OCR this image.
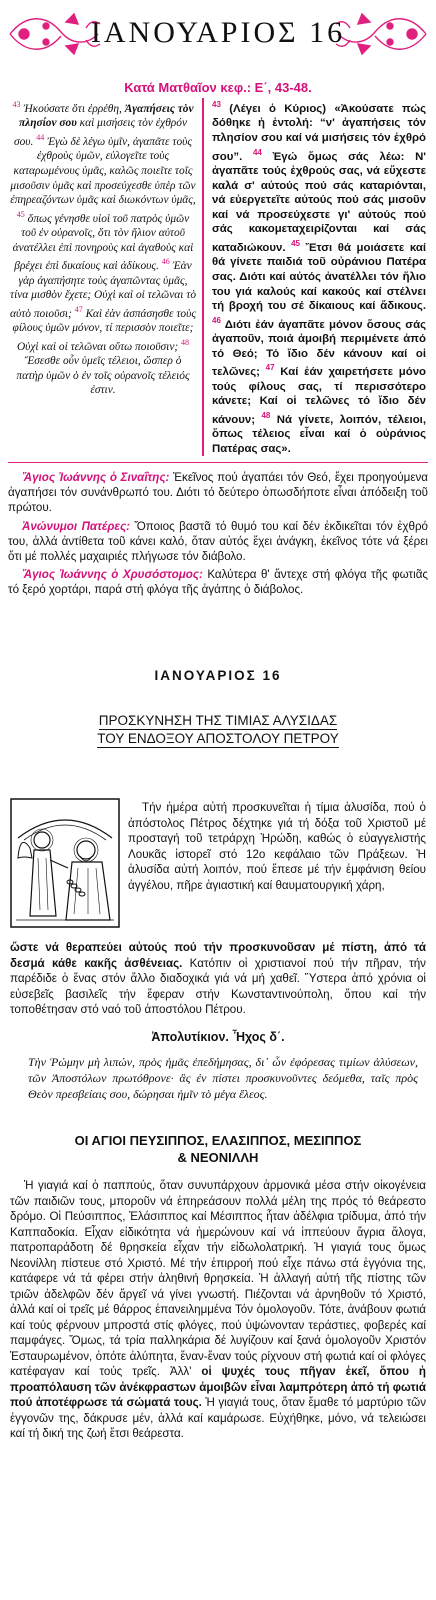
ΙΑΝΟΥΑΡΙΟΣ 16
Κατά Ματθαῖον κεφ.: Ε΄, 43-48.

$^{43}$ Ἠκούσατε ὅτι ἐρρέθη, Ἀγαπήσεις τὸν πλησίον σου καὶ μισήσεις τὸν ἐχθρόν σου. $^{44}$ Ἐγὼ δὲ λέγω ὑμῖν, ἀγαπᾶτε τοὺς ἐχθροὺς ὑμῶν, εὐλογεῖτε τοὺς καταρωμένους ὑμᾶς, καλῶς ποιεῖτε τοῖς μισοῦσιν ὑμᾶς καὶ προσεύχεσθε ὑπὲρ τῶν ἐπηρεαζόντων ὑμᾶς καὶ διωκόντων ὑμᾶς, $^{45}$ ὅπως γένησθε υἱοὶ τοῦ πατρὸς ὑμῶν τοῦ ἐν οὐρανοῖς, ὅτι τὸν ἥλιον αὐτοῦ ἀνατέλλει ἐπὶ πονηροὺς καὶ ἀγαθοὺς καὶ βρέχει ἐπὶ δικαίους καὶ ἀδίκους. $^{46}$ Ἐὰν γὰρ ἀγαπήσητε τοὺς ἀγαπῶντας ὑμᾶς, τίνα μισθὸν ἔχετε; Οὐχὶ καὶ οἱ τελῶναι τὸ αὐτὸ ποιοῦσι; $^{47}$ Καὶ ἐὰν ἀσπάσησθε τοὺς φίλους ὑμῶν μόνον, τί περισσὸν ποιεῖτε; Οὐχὶ καὶ οἱ τελῶναι οὕτω ποιοῦσιν; $^{48}$ Ἔσεσθε οὖν ὑμεῖς τέλειοι, ὥσπερ ὁ πατὴρ ὑμῶν ὁ ἐν τοῖς οὐρανοῖς τέλειός ἐστιν.

$^{43}$ (Λέγει ὁ Κύριος) «Ἀκούσατε πώς δόθηκε ἡ ἐντολή: “ν' ἀγαπήσεις τόν πλησίον σου καί νά μισήσεις τόν ἐχθρό σου”. $^{44}$ Ἐγώ ὅμως σάς λέω: Ν' ἀγαπᾶτε τούς ἐχθρούς σας, νά εὔχεστε καλά σ' αὐτούς πού σάς καταριόνται, νά εὐεργετεῖτε αὐτούς πού σάς μισοῦν καί νά προσεύχεστε γι' αὐτούς πού σάς κακομεταχειρίζονται καί σάς καταδιώκουν. $^{45}$ Ἔτσι θά μοιάσετε καί θά γίνετε παιδιά τοῦ οὐράνιου Πατέρα σας. Διότι καί αὐτός ἀνατέλλει τόν ἥλιο του γιά καλούς καί κακούς καί στέλνει τή βροχή του σέ δίκαιους καί ἄδικους. $^{46}$ Διότι ἐάν ἀγαπᾶτε μόνον ὅσους σάς ἀγαποῦν, ποιά ἀμοιβή περιμένετε ἀπό τό Θεό; Τό ἴδιο δέν κάνουν καί οἱ τελῶνες; $^{47}$ Καί ἐάν χαιρετήσετε μόνο τούς φίλους σας, τί περισσότερο κάνετε; Καί οἱ τελῶνες τό ἴδιο δέν κάνουν; $^{48}$ Νά γίνετε, λοιπόν, τέλειοι, ὅπως τέλειος εἶναι καί ὁ οὐράνιος Πατέρας σας».

Ἅγιος Ἰωάννης ὁ Σιναΐτης: Ἐκεῖνος πού ἀγαπάει τόν Θεό, ἔχει προηγούμενα ἀγαπήσει τόν συνάνθρωπό του. Διότι τό δεύτερο ὁπωσδήποτε εἶναι ἀπόδειξη τοῦ πρώτου.

Ἀνώνυμοι Πατέρες: Ὅποιος βαστᾶ τό θυμό του καί δέν ἐκδικεῖται τόν ἐχθρό του, ἀλλά ἀντίθετα τοῦ κάνει καλό, ὅταν αὐτός ἔχει ἀνάγκη, ἐκεῖνος τότε νά ξέρει ὅτι μέ πολλές μαχαιριές πλήγωσε τόν διάβολο.

Ἅγιος Ἰωάννης ὁ Χρυσόστομος: Καλύτερα θ' ἄντεχε στή φλόγα τῆς φωτιᾶς τό ξερό χορτάρι, παρά στή φλόγα τῆς ἀγάπης ὁ διάβολος.

ΙΑΝΟΥΑΡΙΟΣ 16
ΠΡΟΣΚΥΝΗΣΗ ΤΗΣ ΤΙΜΙΑΣ ΑΛΥΣΙΔΑΣ
ΤΟΥ ΕΝΔΟΞΟΥ ΑΠΟΣΤΟΛΟΥ ΠΕΤΡΟΥ

Τήν ἡμέρα αὐτή προσκυνεῖται ἡ τίμια ἁλυσίδα, πού ὁ ἀπόστολος Πέτρος δέχτηκε γιά τή δόξα τοῦ Χριστοῦ μέ προσταγή τοῦ τετράρχη Ἡρώδη, καθώς ὁ εὐαγγελιστής Λουκᾶς ἱστορεῖ στό 12ο κεφάλαιο τῶν Πράξεων. Ἡ ἁλυσίδα αὐτή λοιπόν, πού ἔπεσε μέ τήν ἐμφάνιση θείου ἀγγέλου, πῆρε ἁγιαστική καί θαυματουργική χάρη,

ὥστε νά θεραπεύει αὐτούς πού τήν προσκυνοῦσαν μέ πίστη, ἀπό τά δεσμά κάθε κακῆς ἀσθένειας. Κατόπιν οἱ χριστιανοί πού τήν πῆραν, τήν παρέδιδε ὁ ἕνας στόν ἄλλο διαδοχικά γιά νά μή χαθεῖ. Ὕστερα ἀπό χρόνια οἱ εὐσεβεῖς βασιλεῖς τήν ἔφεραν στήν Κωνσταντινούπολη, ὅπου καί τήν τοποθέτησαν στό ναό τοῦ ἀποστόλου Πέτρου.

Ἀπολυτίκιον. Ἦχος δ΄.
Τὴν Ῥώμην μὴ λιπών, πρὸς ἡμᾶς ἐπεδήμησας, δι᾽ ὧν ἐφόρεσας τιμίων ἁλύσεων, τῶν Ἀποστόλων πρωτόθρονε· ἃς ἐν πίστει προσκυνοῦντες δεόμεθα, ταῖς πρὸς Θεὸν πρεσβείαις σου, δώρησαι ἡμῖν τὸ μέγα ἔλεος.
ΟΙ ΑΓΙΟΙ ΠΕΥΣΙΠΠΟΣ, ΕΛΑΣΙΠΠΟΣ, ΜΕΣΙΠΠΟΣ
& ΝΕΟΝΙΛΛΗ

Ἡ γιαγιά καί ὁ παππούς, ὅταν συνυπάρχουν ἁρμονικά μέσα στήν οἰκογένεια τῶν παιδιῶν τους, μποροῦν νά ἐπηρεάσουν πολλά μέλη της πρός τό θεάρεστο δρόμο. Οἱ Πεύσιππος, Ἐλάσιππος καί Μέσιππος ἦταν ἀδέλφια τρίδυμα, ἀπό τήν Καππαδοκία. Εἶχαν εἰδικότητα νά ἡμερώνουν καί νά ἱππεύουν ἄγρια ἄλογα, πατροπαράδοτη δέ θρησκεία εἶχαν τήν εἰδωλολατρική. Ἡ γιαγιά τους ὅμως Νεονίλλη πίστευε στό Χριστό. Μέ τήν ἐπιρροή πού εἶχε πάνω στά ἐγγόνια της, κατάφερε νά τά φέρει στήν ἀληθινή θρησκεία. Ἡ ἀλλαγή αὐτή τῆς πίστης τῶν τριῶν ἀδελφῶν δέν ἄργεῖ νά γίνει γνωστή. Πιέζονται νά ἀρνηθοῦν τό Χριστό, ἀλλά καί οἱ τρεῖς μέ θάρρος ἐπανειλημμένα Τόν ὁμολογοῦν. Τότε, ἀνάβουν φωτιά καί τούς φέρνουν μπροστά στίς φλόγες, πού ὑψώνονταν τεράστιες, φοβερές καί παμφάγες. Ὅμως, τά τρία παλληκάρια δέ λυγίζουν καί ξανά ὁμολογοῦν Χριστόν Ἐσταυρωμένον, ὁπότε ἀλύπητα, ἕναν-ἕναν τούς ρίχνουν στή φωτιά καί οἱ φλόγες κατέφαγαν καί τούς τρεῖς. Ἀλλ' οἱ ψυχές τους πῆγαν ἐκεῖ, ὅπου ἡ προαπόλαυση τῶν ἀνέκφραστων ἀμοιβῶν εἶναι λαμπρότερη ἀπό τή φωτιά πού ἀποτέφρωσε τά σώματά τους. Ἡ γιαγιά τους, ὅταν ἔμαθε τό μαρτύριο τῶν ἐγγονῶν της, δάκρυσε μέν, ἀλλά καί καμάρωσε. Εὐχήθηκε, μόνο, νά τελειώσει καί τή δική της ζωή ἔτσι θεάρεστα.
